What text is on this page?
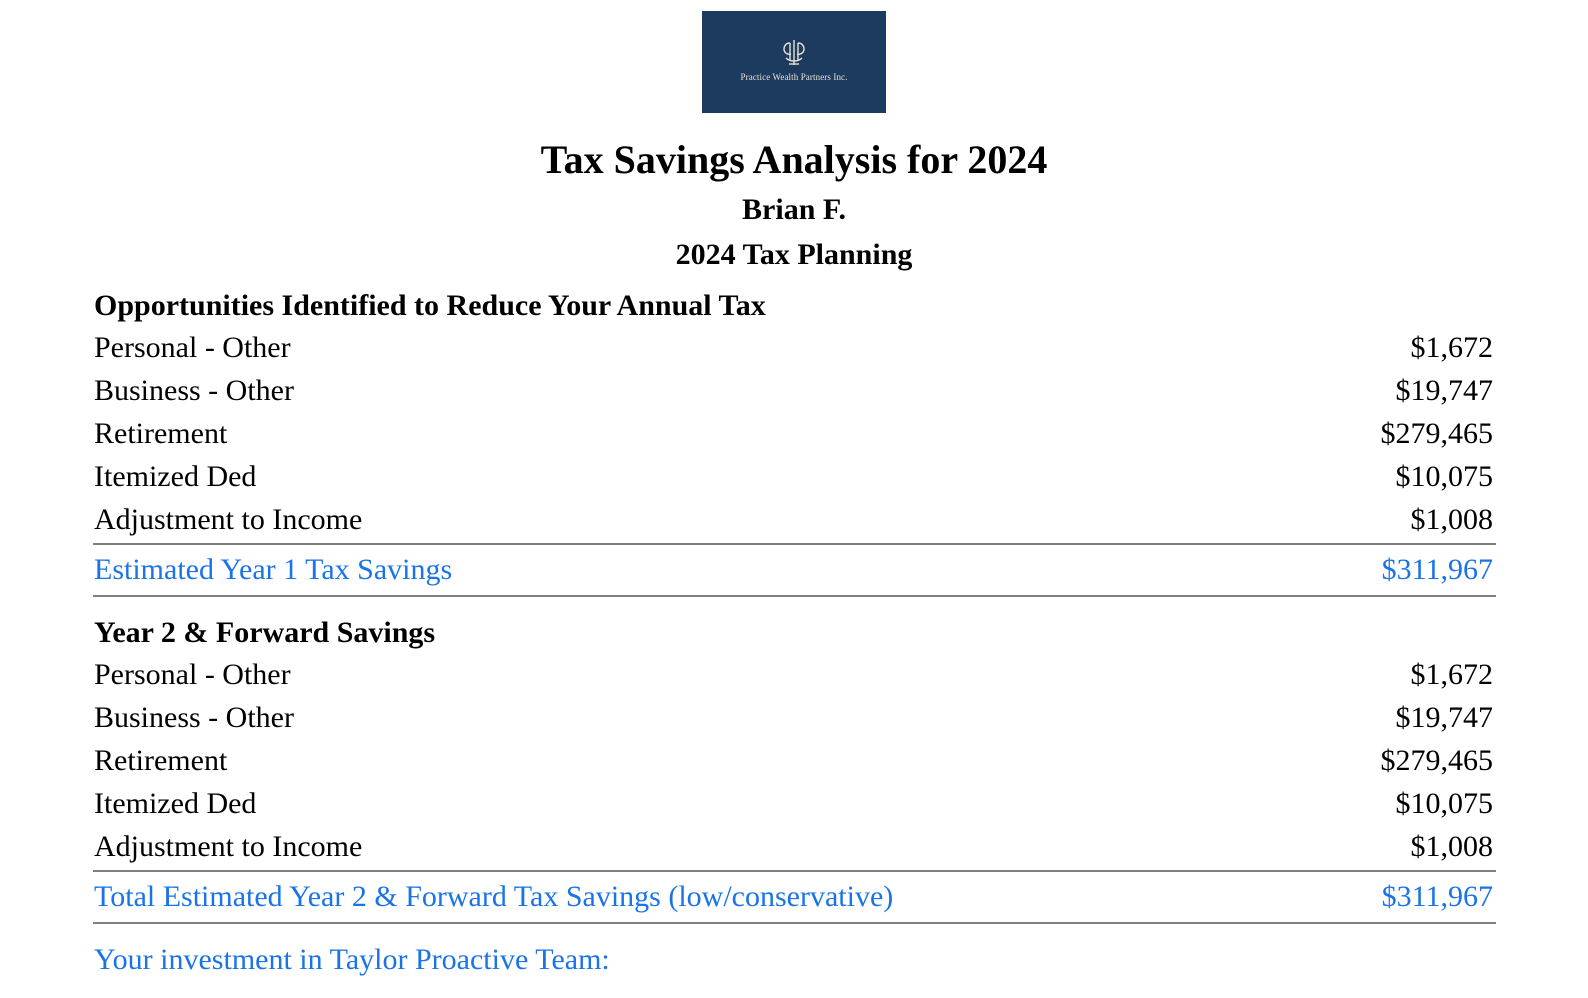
Practice Wealth Partners Inc.
Tax Savings Analysis for 2024
Brian F.
2024 Tax Planning
Opportunities Identified to Reduce Your Annual Tax
Personal - Other	$1,672
Business - Other	$19,747
Retirement	$279,465
Itemized Ded	$10,075
Adjustment to Income	$1,008
Estimated Year 1 Tax Savings	$311,967
Year 2 & Forward Savings
Personal - Other	$1,672
Business - Other	$19,747
Retirement	$279,465
Itemized Ded	$10,075
Adjustment to Income	$1,008
Total Estimated Year 2 & Forward Tax Savings (low/conservative)	$311,967
Your investment in Taylor Proactive Team:
